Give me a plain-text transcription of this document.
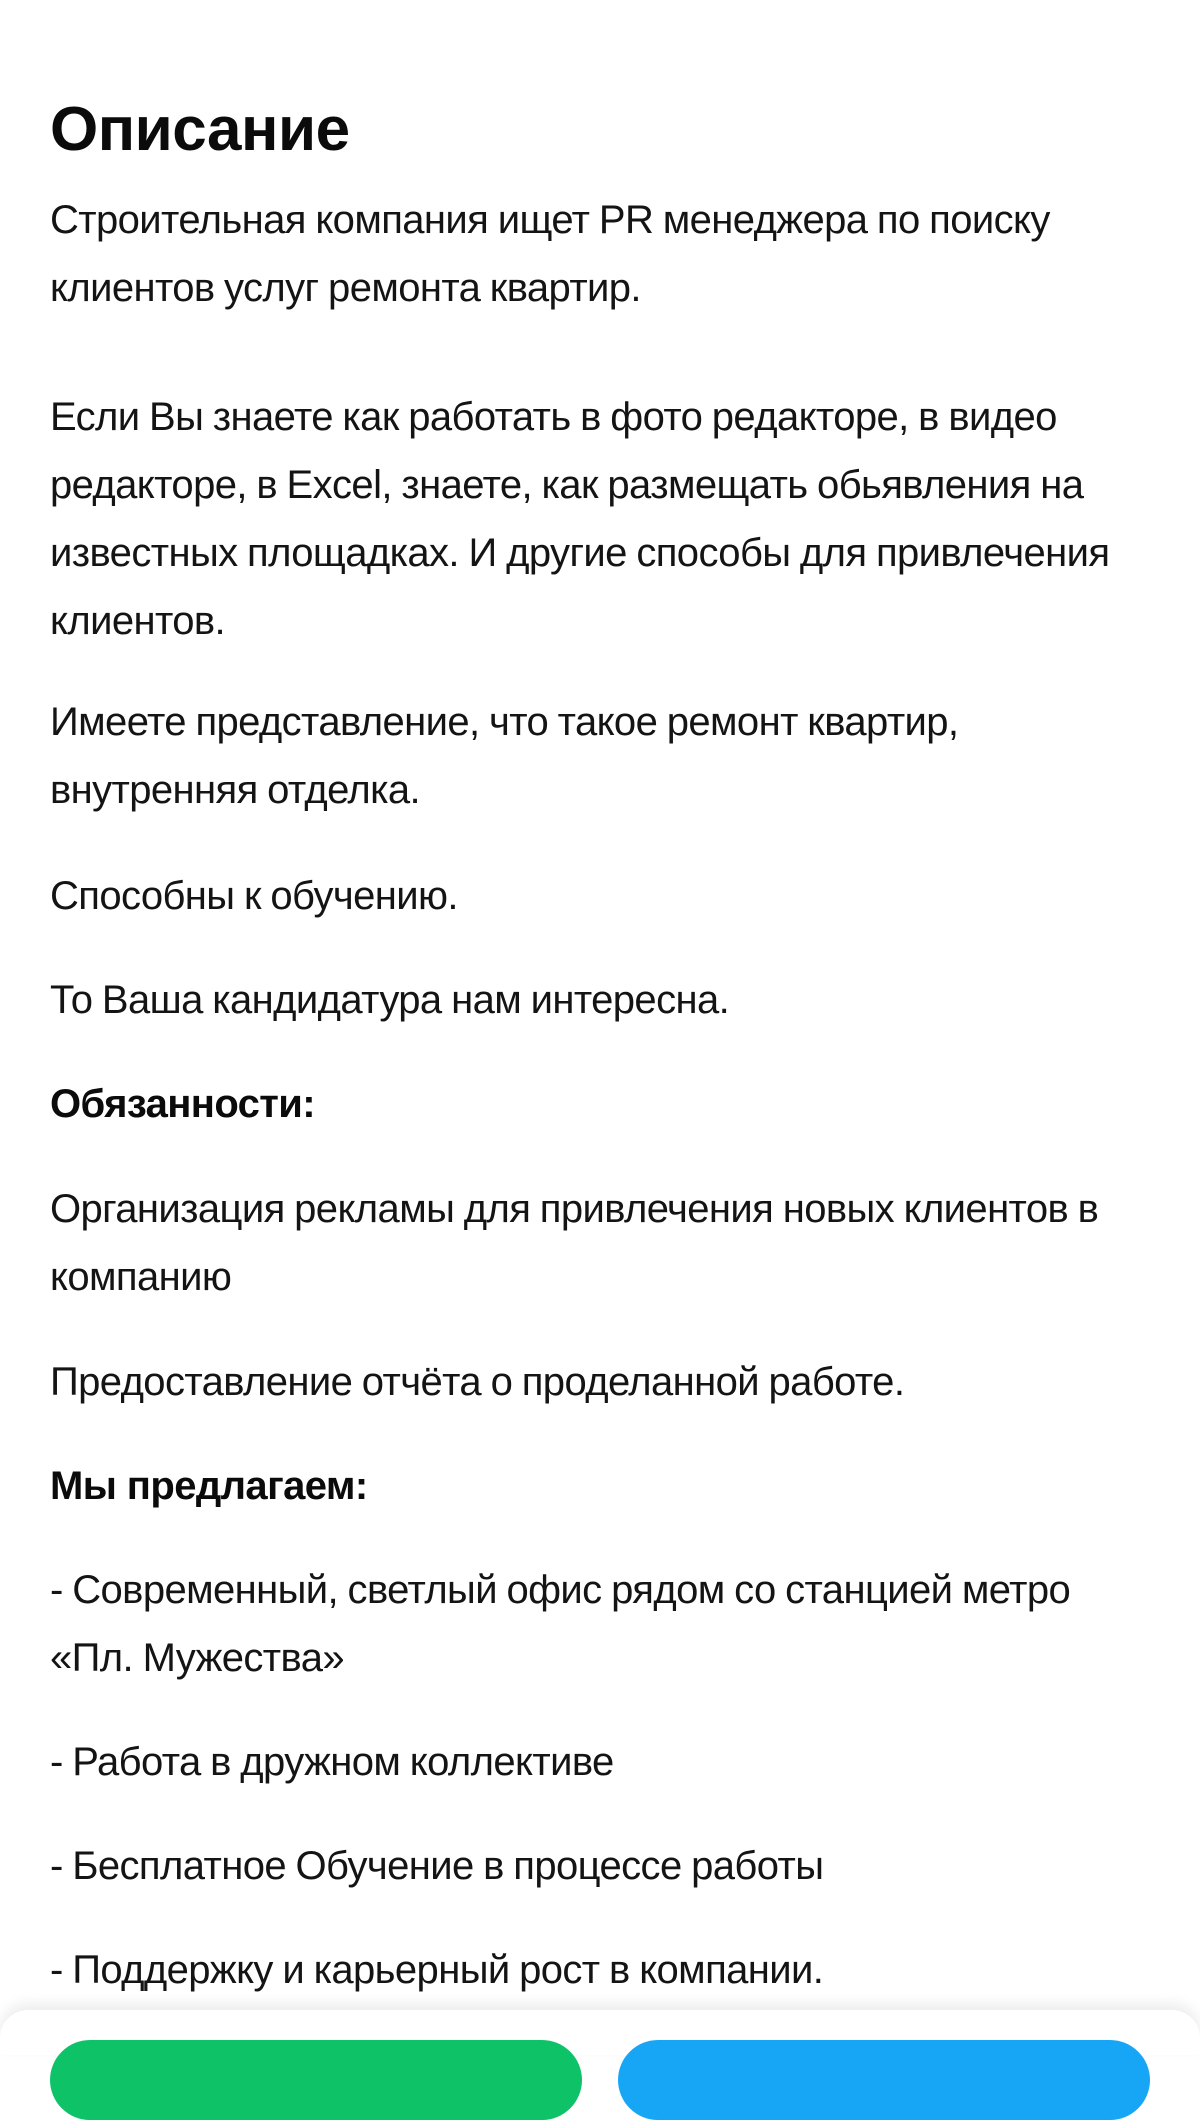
Описание

Строительная компания ищет PR менеджера по поиску клиентов услуг ремонта квартир.

Если Вы знаете как работать в фото редакторе, в видео редакторе, в Excel, знаете, как размещать обьявления на известных площадках. И другие способы для привлечения клиентов.

Имеете представление, что такое ремонт квартир, внутренняя отделка.

Способны к обучению.

То Ваша кандидатура нам интересна.

Обязанности:

Организация рекламы для привлечения новых клиентов в компанию

Предоставление отчёта о проделанной работе.

Мы предлагаем:

- Современный, светлый офис рядом со станцией метро «Пл. Мужества»

- Работа в дружном коллективе

- Бесплатное Обучение в процессе работы

- Поддержку и карьерный рост в компании.
